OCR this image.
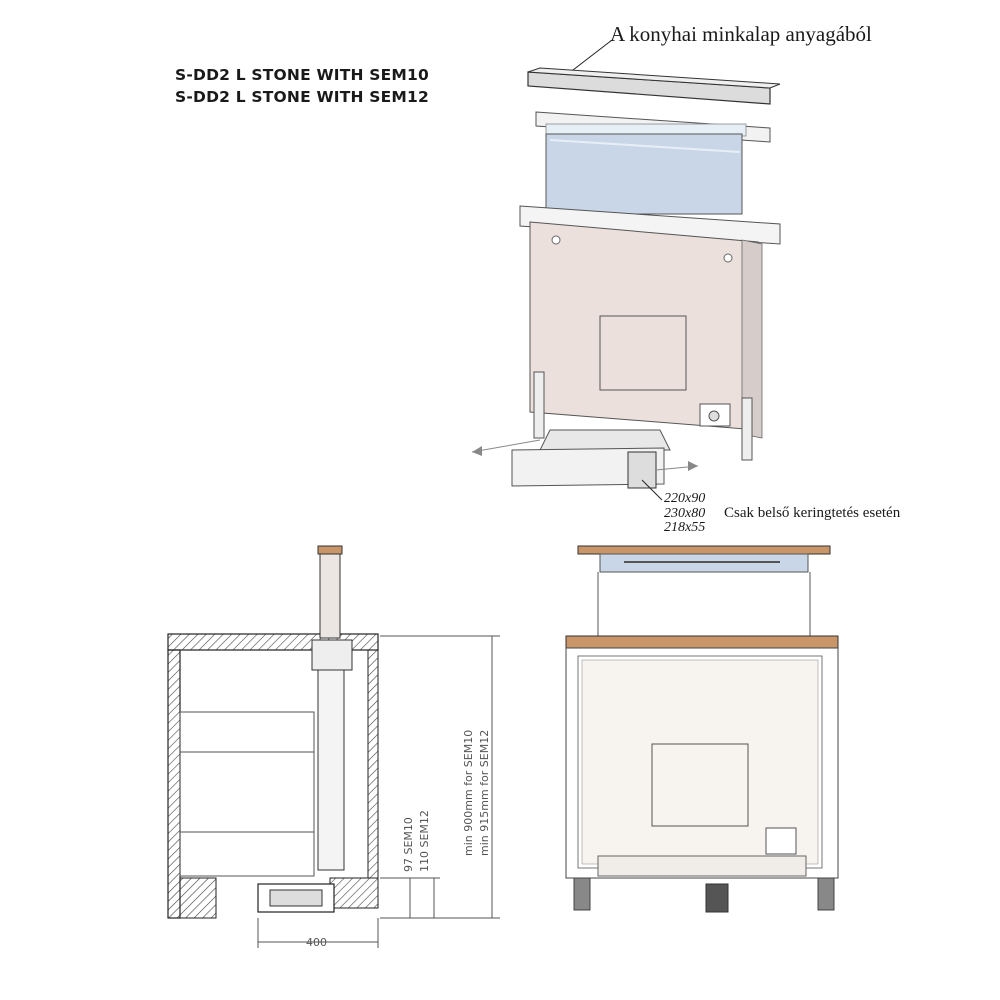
S-DD2 L STONE WITH SEM10
S-DD2 L STONE WITH SEM12
A konyhai minkalap anyagából
220x90
230x80
218x55
Csak belső keringtetés esetén
400
97 SEM10 110 SEM12	min 900mm for SEM10 min 915mm for SEM12
